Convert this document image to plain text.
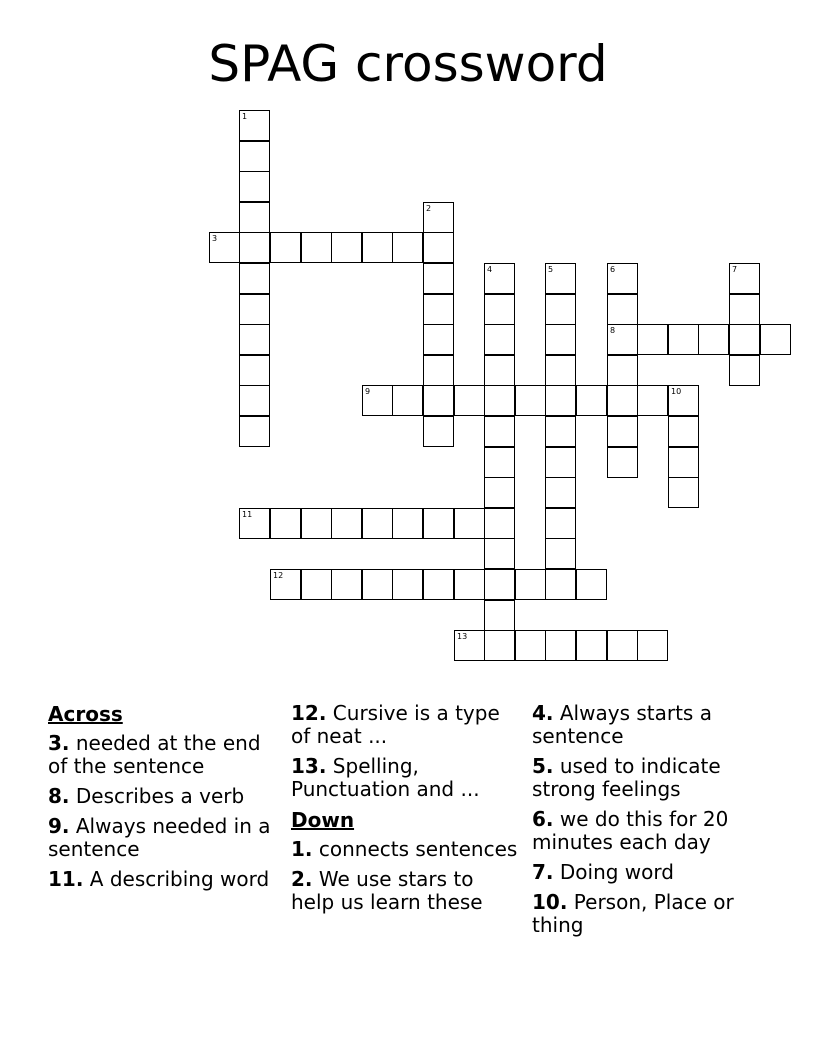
SPAG crossword
1
2
3
4	5	6
8
7
9	10
11
12
13
Across
3. needed at the end of the sentence
8. Describes a verb
9. Always needed in a sentence
11. A describing word
12. Cursive is a type of neat ...
13. Spelling, Punctuation and ...
Down
1. connects sentences
2. We use stars to help us learn these
4. Always starts a sentence
5. used to indicate strong feelings
6. we do this for 20 minutes each day
7. Doing word
10. Person, Place or thing
